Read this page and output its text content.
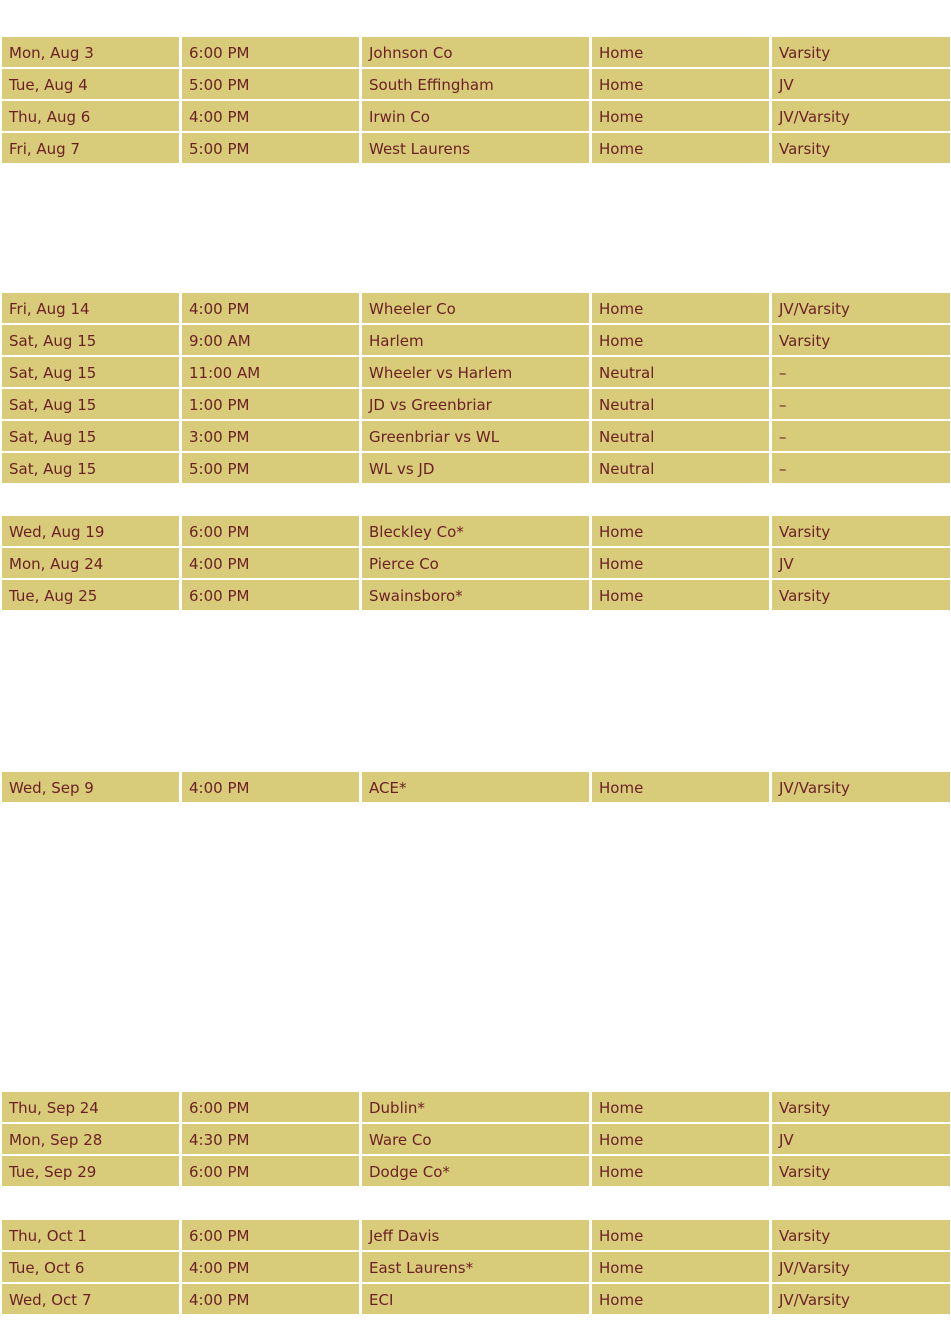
Mon, Aug 3	6:00 PM	Johnson Co	Home	Varsity
Tue, Aug 4	5:00 PM	South Effingham	Home	JV
Thu, Aug 6	4:00 PM	Irwin Co	Home	JV/Varsity
Fri, Aug 7	5:00 PM	West Laurens	Home	Varsity
Fri, Aug 14	4:00 PM	Wheeler Co	Home	JV/Varsity
Sat, Aug 15	9:00 AM	Harlem	Home	Varsity
Sat, Aug 15	11:00 AM	Wheeler vs Harlem	Neutral	–
Sat, Aug 15	1:00 PM	JD vs Greenbriar	Neutral	–
Sat, Aug 15	3:00 PM	Greenbriar vs WL	Neutral	–
Sat, Aug 15	5:00 PM	WL vs JD	Neutral	–
Wed, Aug 19	6:00 PM	Bleckley Co*	Home	Varsity
Mon, Aug 24	4:00 PM	Pierce Co	Home	JV
Tue, Aug 25	6:00 PM	Swainsboro*	Home	Varsity
Wed, Sep 9	4:00 PM	ACE*	Home	JV/Varsity
Thu, Sep 24	6:00 PM	Dublin*	Home	Varsity
Mon, Sep 28	4:30 PM	Ware Co	Home	JV
Tue, Sep 29	6:00 PM	Dodge Co*	Home	Varsity
Thu, Oct 1	6:00 PM	Jeff Davis	Home	Varsity
Tue, Oct 6	4:00 PM	East Laurens*	Home	JV/Varsity
Wed, Oct 7	4:00 PM	ECI	Home	JV/Varsity
